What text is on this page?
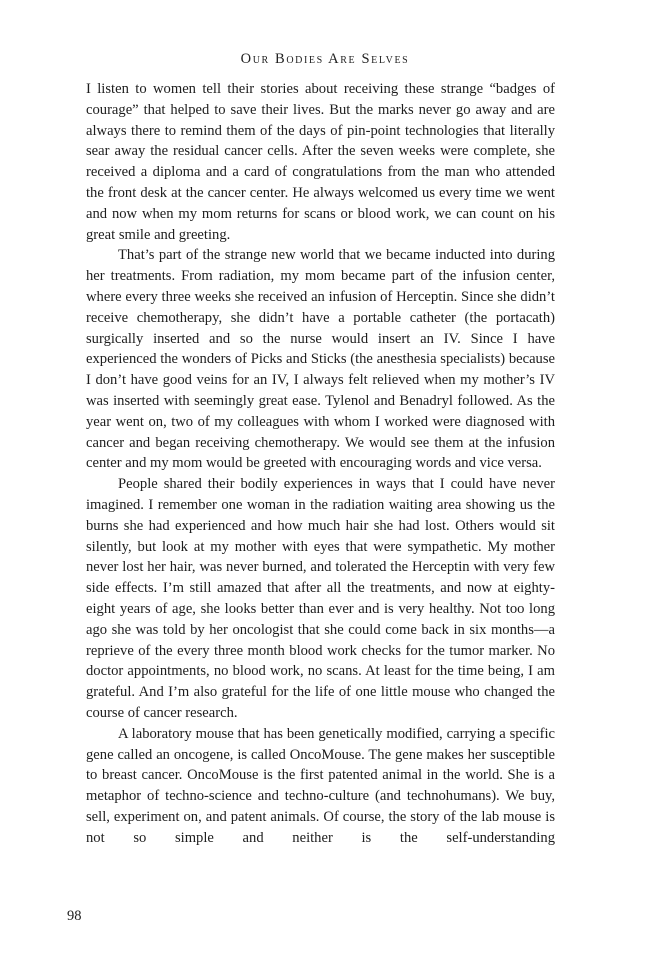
Our Bodies Are Selves

I listen to women tell their stories about receiving these strange “badges of courage” that helped to save their lives. But the marks never go away and are always there to remind them of the days of pin-point technologies that literally sear away the residual cancer cells. After the seven weeks were complete, she received a diploma and a card of congratulations from the man who attended the front desk at the cancer center. He always welcomed us every time we went and now when my mom returns for scans or blood work, we can count on his great smile and greeting.

That’s part of the strange new world that we became inducted into during her treatments. From radiation, my mom became part of the infusion center, where every three weeks she received an infusion of Herceptin. Since she didn’t receive chemotherapy, she didn’t have a portable catheter (the portacath) surgically inserted and so the nurse would insert an IV. Since I have experienced the wonders of Picks and Sticks (the anesthesia specialists) because I don’t have good veins for an IV, I always felt relieved when my mother’s IV was inserted with seemingly great ease. Tylenol and Benadryl followed. As the year went on, two of my colleagues with whom I worked were diagnosed with cancer and began receiving chemotherapy. We would see them at the infusion center and my mom would be greeted with encouraging words and vice versa.

People shared their bodily experiences in ways that I could have never imagined. I remember one woman in the radiation waiting area showing us the burns she had experienced and how much hair she had lost. Others would sit silently, but look at my mother with eyes that were sympathetic. My mother never lost her hair, was never burned, and tolerated the Herceptin with very few side effects. I’m still amazed that after all the treatments, and now at eighty-eight years of age, she looks better than ever and is very healthy. Not too long ago she was told by her oncologist that she could come back in six months—a reprieve of the every three month blood work checks for the tumor marker. No doctor appointments, no blood work, no scans. At least for the time being, I am grateful. And I’m also grateful for the life of one little mouse who changed the course of cancer research.

A laboratory mouse that has been genetically modified, carrying a specific gene called an oncogene, is called OncoMouse. The gene makes her susceptible to breast cancer. OncoMouse is the first patented animal in the world. She is a metaphor of techno-science and techno-culture (and technohumans). We buy, sell, experiment on, and patent animals. Of course, the story of the lab mouse is not so simple and neither is the self-understanding

98
